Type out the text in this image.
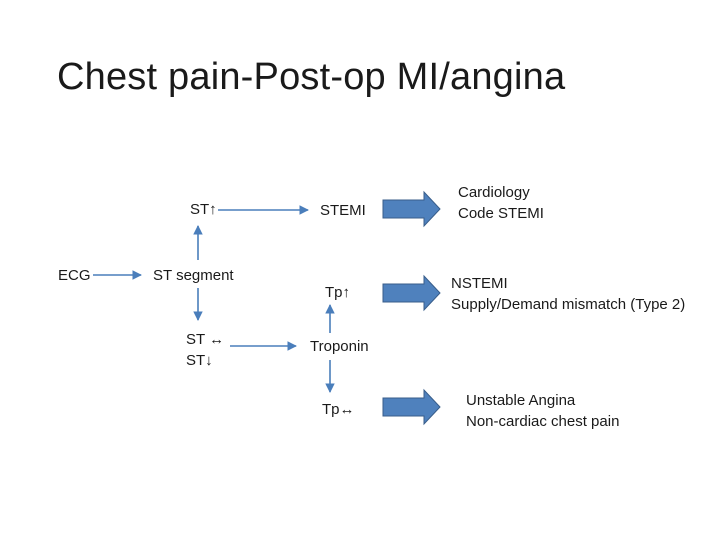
Chest pain-Post-op MI/angina
ECG	ST segment
ST↑
ST ↔
ST↓
STEMI
Troponin
Tp↑
Tp↔
Cardiology
Code STEMI
NSTEMI
Supply/Demand mismatch (Type 2)
Unstable Angina
Non-cardiac chest pain
